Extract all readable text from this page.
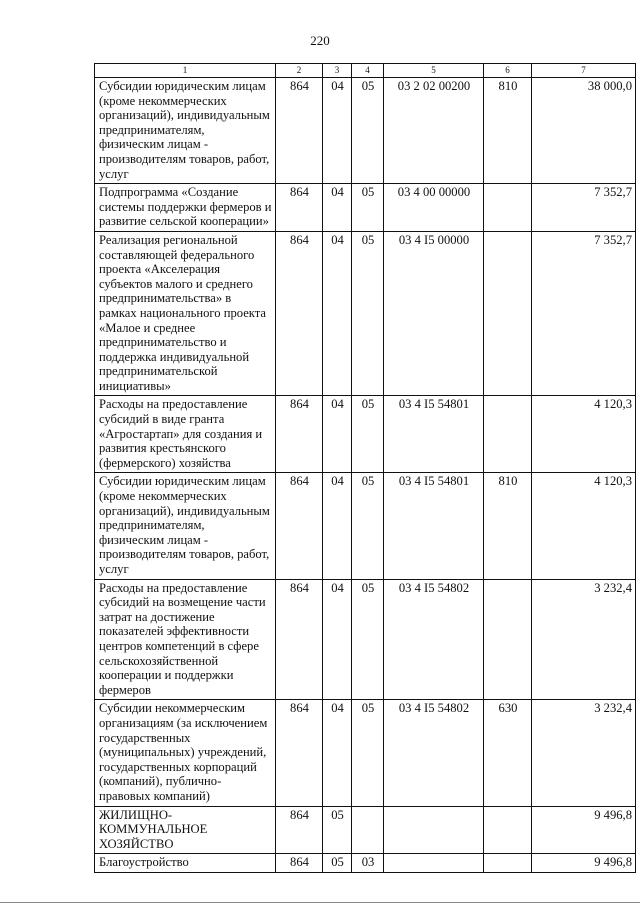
220
1	2	3	4	5	6	7
Субсидии юридическим лицам (кроме некоммерческих организаций), индивидуальным предпринимателям, физическим лицам - производителям товаров, работ, услуг	864	04	05	03 2 02 00200	810	38 000,0
Подпрограмма «Создание системы поддержки фермеров и развитие сельской кооперации»	864	04	05	03 4 00 00000		7 352,7
Реализация региональной составляющей федерального проекта «Акселерация субъектов малого и среднего предпринимательства» в рамках национального проекта «Малое и среднее предпринимательство и поддержка индивидуальной предпринимательской инициативы»	864	04	05	03 4 I5 00000		7 352,7
Расходы на предоставление субсидий в виде гранта «Агростартап» для создания и развития крестьянского (фермерского) хозяйства	864	04	05	03 4 I5 54801		4 120,3
Субсидии юридическим лицам (кроме некоммерческих организаций), индивидуальным предпринимателям, физическим лицам - производителям товаров, работ, услуг	864	04	05	03 4 I5 54801	810	4 120,3
Расходы на предоставление субсидий на возмещение части затрат на достижение показателей эффективности центров компетенций в сфере сельскохозяйственной кооперации и поддержки фермеров	864	04	05	03 4 I5 54802		3 232,4
Субсидии некоммерческим организациям (за исключением государственных (муниципальных) учреждений, государственных корпораций (компаний), публично-правовых компаний)	864	04	05	03 4 I5 54802	630	3 232,4
ЖИЛИЩНО-КОММУНАЛЬНОЕ ХОЗЯЙСТВО	864	05				9 496,8
Благоустройство	864	05	03			9 496,8
